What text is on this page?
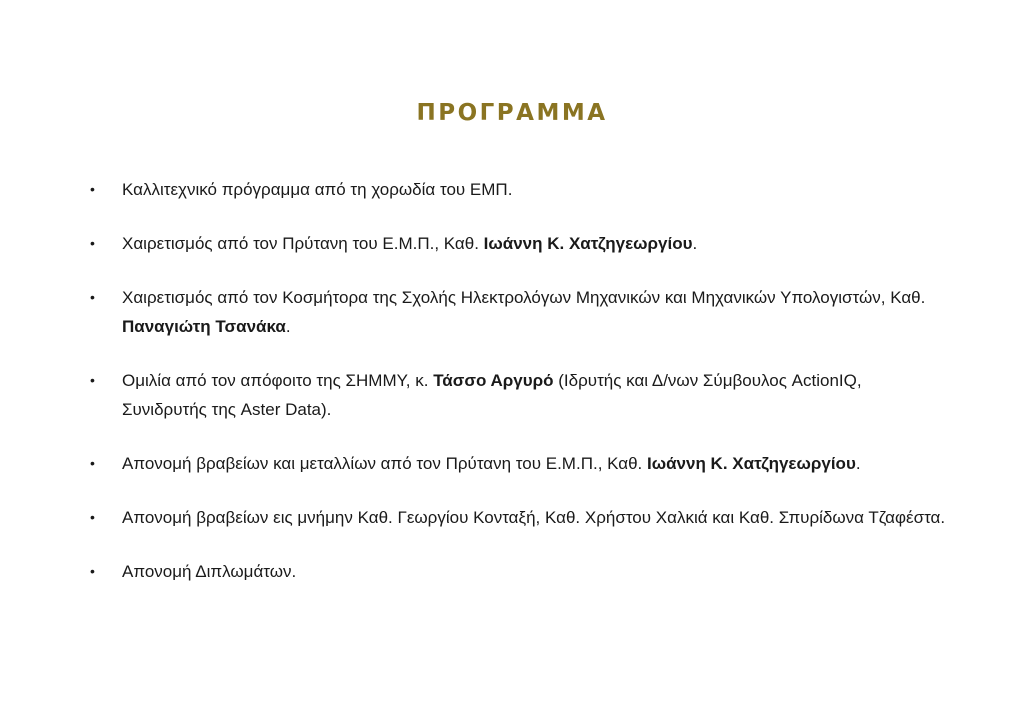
ΠΡΟΓΡΑΜΜΑ
• Καλλιτεχνικό πρόγραμμα από τη χορωδία του ΕΜΠ.
• Χαιρετισμός από τον Πρύτανη του Ε.Μ.Π., Καθ. Ιωάννη Κ. Χατζηγεωργίου.
• Χαιρετισμός από τον Κοσμήτορα της Σχολής Ηλεκτρολόγων Μηχανικών και Μηχανικών Υπολογιστών, Καθ. Παναγιώτη Τσανάκα.
• Ομιλία από τον απόφοιτο της ΣΗΜΜΥ, κ. Τάσσο Αργυρό (Ιδρυτής και Δ/νων Σύμβουλος ActionIQ, Συνιδρυτής της Aster Data).
• Απονομή βραβείων και μεταλλίων από τον Πρύτανη του Ε.Μ.Π., Καθ. Ιωάννη Κ. Χατζηγεωργίου.
• Απονομή βραβείων εις μνήμην Καθ. Γεωργίου Κονταξή, Καθ. Χρήστου Χαλκιά και Καθ. Σπυρίδωνα Τζαφέστα.
• Απονομή Διπλωμάτων.
